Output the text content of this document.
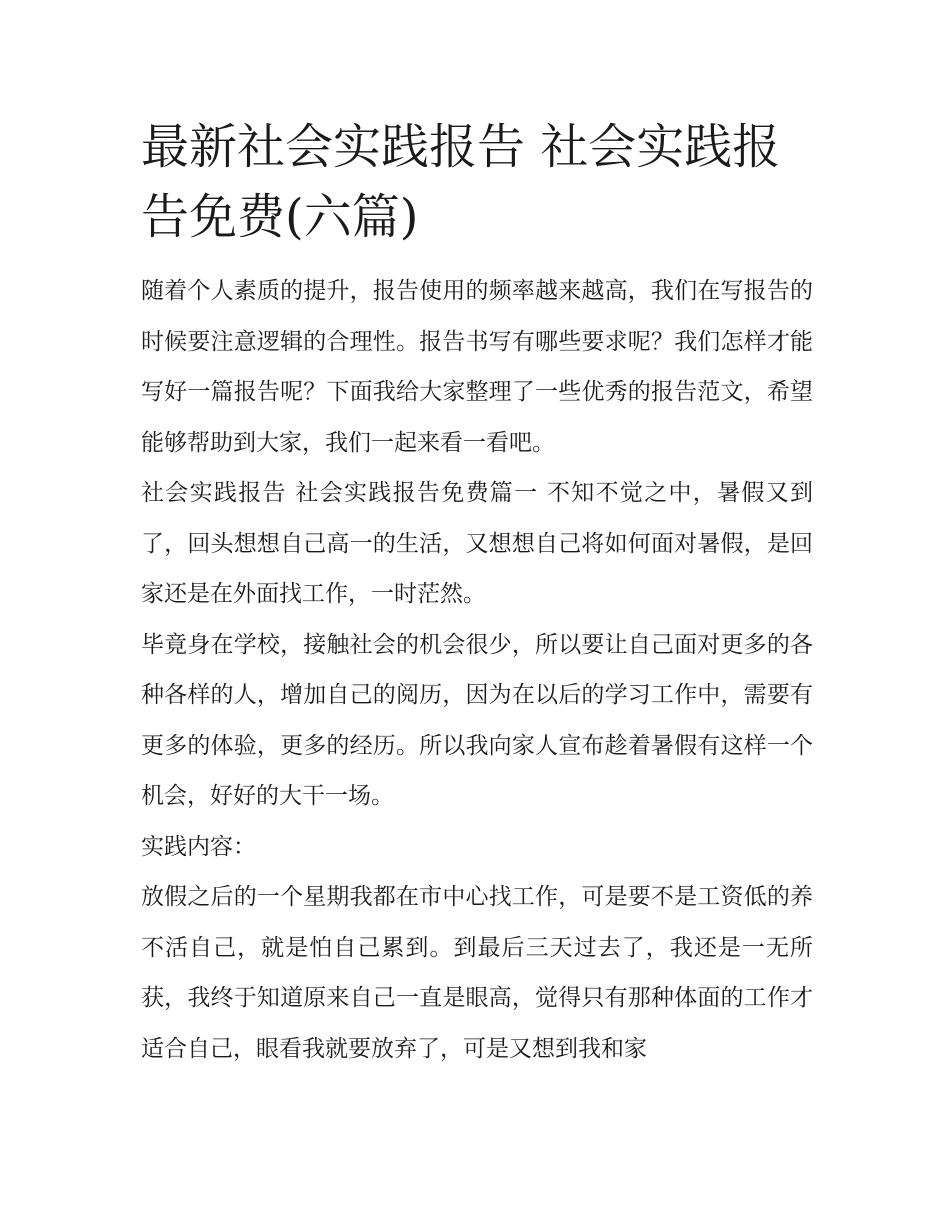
最新社会实践报告 社会实践报告免费(六篇)

随着个人素质的提升，报告使用的频率越来越高，我们在写报告的时候要注意逻辑的合理性。报告书写有哪些要求呢？我们怎样才能写好一篇报告呢？下面我给大家整理了一些优秀的报告范文，希望能够帮助到大家，我们一起来看一看吧。

社会实践报告 社会实践报告免费篇一 不知不觉之中，暑假又到了，回头想想自己高一的生活，又想想自己将如何面对暑假，是回家还是在外面找工作，一时茫然。

毕竟身在学校，接触社会的机会很少，所以要让自己面对更多的各种各样的人，增加自己的阅历，因为在以后的学习工作中，需要有更多的体验，更多的经历。所以我向家人宣布趁着暑假有这样一个机会，好好的大干一场。

实践内容：

放假之后的一个星期我都在市中心找工作，可是要不是工资低的养不活自己，就是怕自己累到。到最后三天过去了，我还是一无所获，我终于知道原来自己一直是眼高，觉得只有那种体面的工作才适合自己，眼看我就要放弃了，可是又想到我和家
